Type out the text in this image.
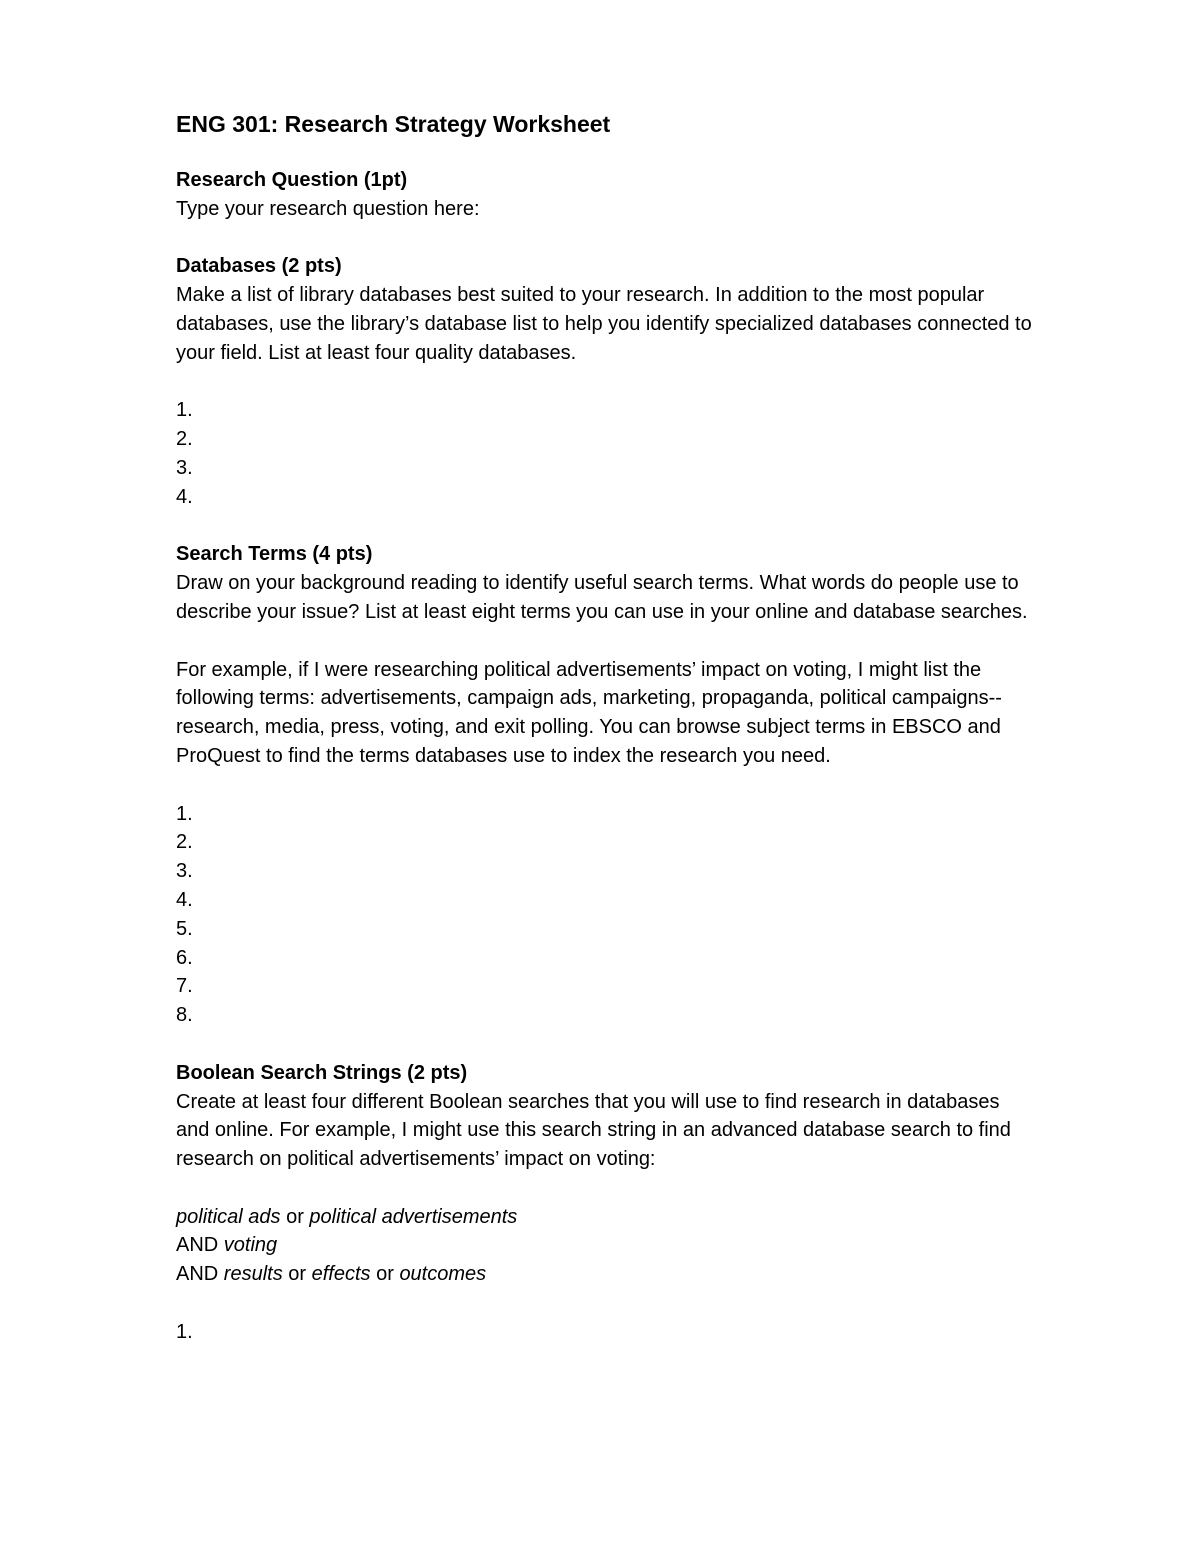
ENG 301: Research Strategy Worksheet
Research Question (1pt)
Type your research question here:
Databases (2 pts)
Make a list of library databases best suited to your research. In addition to the most popular databases, use the library’s database list to help you identify specialized databases connected to your field. List at least four quality databases.
1.
2.
3.
4.
Search Terms (4 pts)
Draw on your background reading to identify useful search terms. What words do people use to describe your issue? List at least eight terms you can use in your online and database searches.
For example, if I were researching political advertisements’ impact on voting, I might list the following terms: advertisements, campaign ads, marketing, propaganda, political campaigns--research, media, press, voting, and exit polling. You can browse subject terms in EBSCO and ProQuest to find the terms databases use to index the research you need.
1.
2.
3.
4.
5.
6.
7.
8.
Boolean Search Strings (2 pts)
Create at least four different Boolean searches that you will use to find research in databases and online. For example, I might use this search string in an advanced database search to find research on political advertisements’ impact on voting:
political ads or political advertisements
AND voting
AND results or effects or outcomes
1.
